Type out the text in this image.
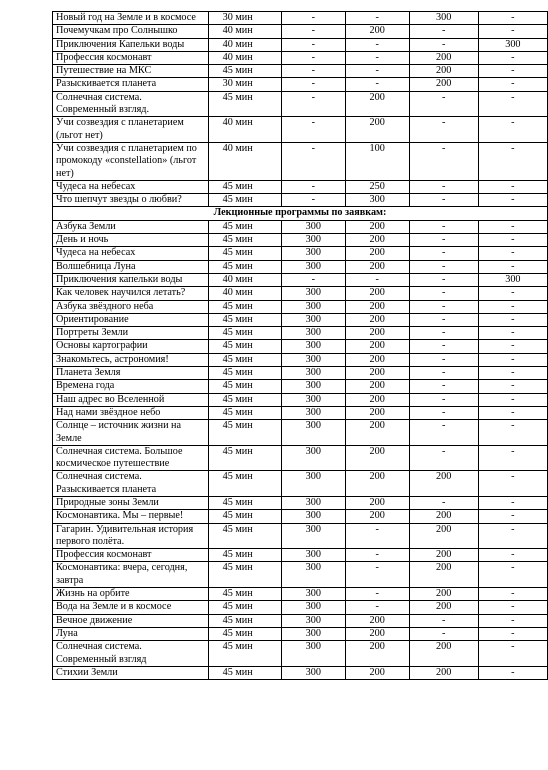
Новый год на Земле и в космосе	30 мин	-	-	300	-
Почемучкам про Солнышко	40 мин	-	200	-	-
Приключения Капельки воды	40 мин	-	-	-	300
Профессия космонавт	40 мин	-	-	200	-
Путешествие на МКС	45 мин	-	-	200	-
Разыскивается планета	30 мин	-	-	200	-
Солнечная система. Современный взгляд.	45 мин	-	200	-	-
Учи созвездия с планетарием (льгот нет)	40 мин	-	200	-	-
Учи созвездия с планетарием по промокоду «constellation» (льгот нет)	40 мин	-	100	-	-
Чудеса на небесах	45 мин	-	250	-	-
Что шепчут звезды о любви?	45 мин	-	300	-	-
Лекционные программы по заявкам:					
Азбука Земли	45 мин	300	200	-	-
День и ночь	45 мин	300	200	-	-
Чудеса на небесах	45 мин	300	200	-	-
Волшебница Луна	45 мин	300	200	-	-
Приключения капельки воды	40 мин	-	-	-	300
Как человек научился летать?	40 мин	300	200	-	-
Азбука звёздного неба	45 мин	300	200	-	-
Ориентирование	45 мин	300	200	-	-
Портреты Земли	45 мин	300	200	-	-
Основы картографии	45 мин	300	200	-	-
Знакомьтесь, астрономия!	45 мин	300	200	-	-
Планета Земля	45 мин	300	200	-	-
Времена года	45 мин	300	200	-	-
Наш адрес во Вселенной	45 мин	300	200	-	-
Над нами звёздное небо	45 мин	300	200	-	-
Солнце – источник жизни на Земле	45 мин	300	200	-	-
Солнечная система. Большое космическое путешествие	45 мин	300	200	-	-
Солнечная система. Разыскивается планета	45 мин	300	200	200	-
Природные зоны Земли	45 мин	300	200	-	-
Космонавтика. Мы – первые!	45 мин	300	200	200	-
Гагарин. Удивительная история первого полёта.	45 мин	300	-	200	-
Профессия космонавт	45 мин	300	-	200	-
Космонавтика: вчера, сегодня, завтра	45 мин	300	-	200	-
Жизнь на орбите	45 мин	300	-	200	-
Вода на Земле и в космосе	45 мин	300	-	200	-
Вечное движение	45 мин	300	200	-	-
Луна	45 мин	300	200	-	-
Солнечная система. Современный взгляд	45 мин	300	200	200	-
Стихии Земли	45 мин	300	200	200	-
